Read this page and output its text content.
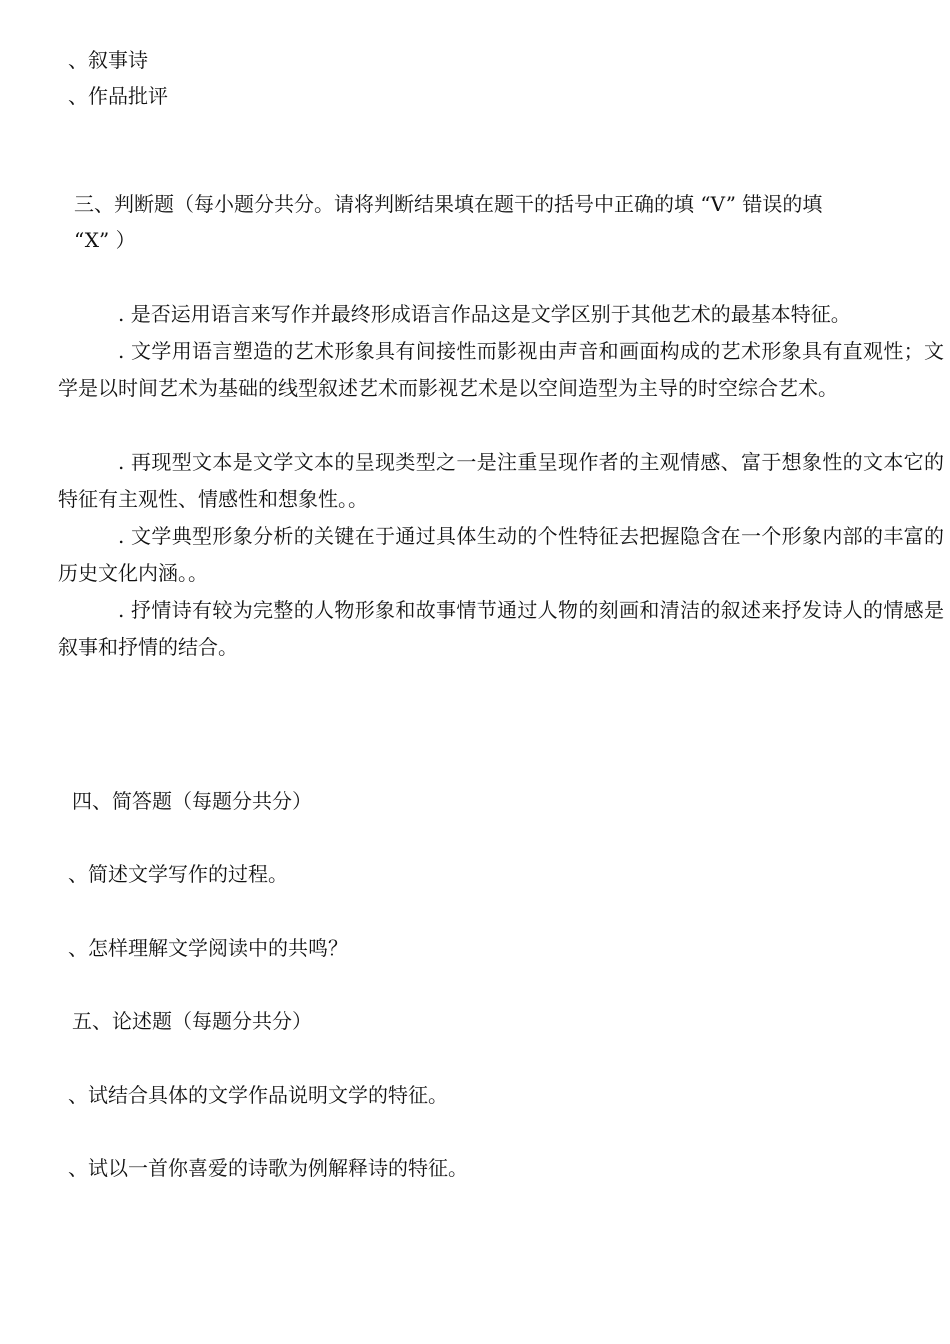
、叙事诗
、作品批评
三、判断题（每小题分共分。请将判断结果填在题干的括号中正确的填 “V” 错误的填
“X” ）
. 是否运用语言来写作并最终形成语言作品这是文学区别于其他艺术的最基本特征。
. 文学用语言塑造的艺术形象具有间接性而影视由声音和画面构成的艺术形象具有直观性；文学是以时间艺术为基础的线型叙述艺术而影视艺术是以空间造型为主导的时空综合艺术。
. 再现型文本是文学文本的呈现类型之一是注重呈现作者的主观情感、富于想象性的文本它的特征有主观性、情感性和想象性。。
. 文学典型形象分析的关键在于通过具体生动的个性特征去把握隐含在一个形象内部的丰富的历史文化内涵。。
. 抒情诗有较为完整的人物形象和故事情节通过人物的刻画和清洁的叙述来抒发诗人的情感是叙事和抒情的结合。
四、简答题（每题分共分）
、简述文学写作的过程。
、怎样理解文学阅读中的共鸣？
五、论述题（每题分共分）
、试结合具体的文学作品说明文学的特征。
、试以一首你喜爱的诗歌为例解释诗的特征。
